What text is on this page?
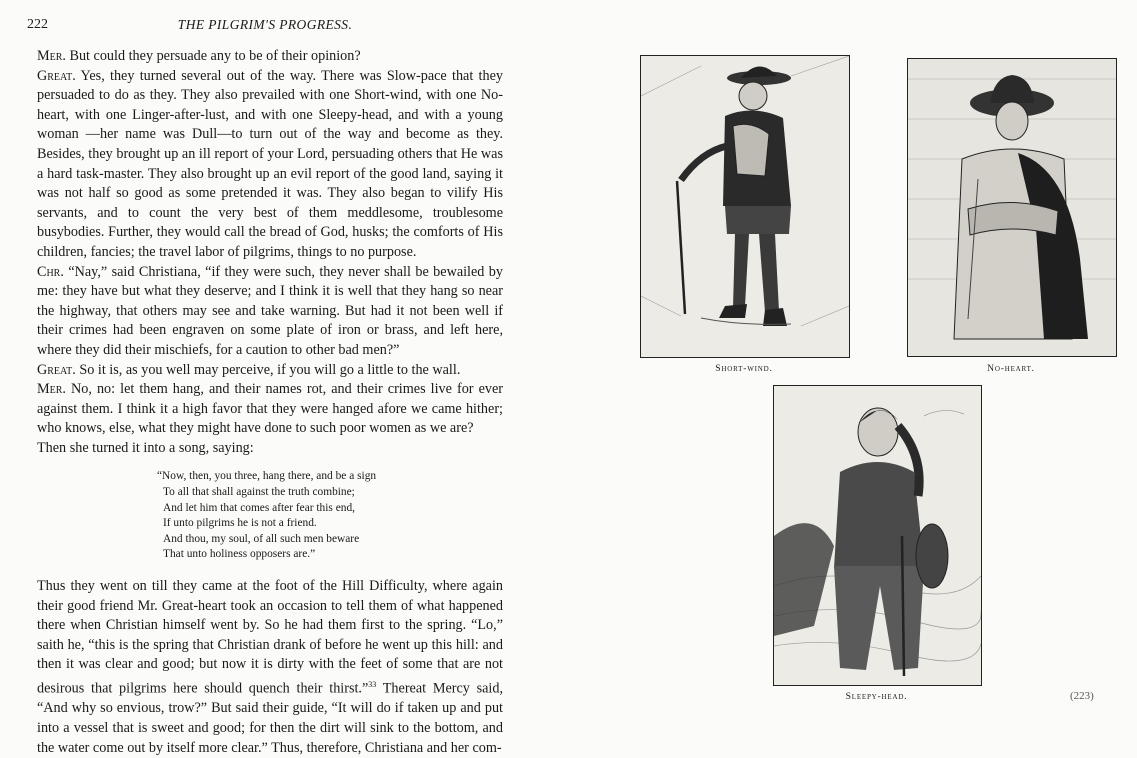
222	THE PILGRIM'S PROGRESS.

Mer. But could they persuade any to be of their opinion?

Great. Yes, they turned several out of the way. There was Slow-pace that they persuaded to do as they. They also prevailed with one Short-wind, with one No-heart, with one Linger-after-lust, and with one Sleepy-head, and with a young woman —her name was Dull—to turn out of the way and become as they. Besides, they brought up an ill report of your Lord, persuading others that He was a hard task-master. They also brought up an evil report of the good land, saying it was not half so good as some pretended it was. They also began to vilify His servants, and to count the very best of them meddlesome, troublesome busybodies. Further, they would call the bread of God, husks; the comforts of His children, fancies; the travel labor of pilgrims, things to no purpose.

Chr. “Nay,” said Christiana, “if they were such, they never shall be bewailed by me: they have but what they deserve; and I think it is well that they hang so near the highway, that others may see and take warning. But had it not been well if their crimes had been engraven on some plate of iron or brass, and left here, where they did their mischiefs, for a caution to other bad men?”

Great. So it is, as you well may perceive, if you will go a little to the wall.

Mer. No, no: let them hang, and their names rot, and their crimes live for ever against them. I think it a high favor that they were hanged afore we came hither; who knows, else, what they might have done to such poor women as we are?

Then she turned it into a song, saying:

“Now, then, you three, hang there, and be a sign
To all that shall against the truth combine;
And let him that comes after fear this end,
If unto pilgrims he is not a friend.
And thou, my soul, of all such men beware
That unto holiness opposers are.”

Thus they went on till they came at the foot of the Hill Difficulty, where again their good friend Mr. Great-heart took an occasion to tell them of what happened there when Christian himself went by. So he had them first to the spring. “Lo,” saith he, “this is the spring that Christian drank of before he went up this hill: and then it was clear and good; but now it is dirty with the feet of some that are not desirous that pilgrims here should quench their thirst.”$^{33}$ Thereat Mercy said, “And why so envious, trow?” But said their guide, “It will do if taken up and put into a vessel that is sweet and good; for then the dirt will sink to the bottom, and the water come out by itself more clear.” Thus, therefore, Christiana and her com-

Short-wind.	No-heart.
Sleepy-head.	(223)
